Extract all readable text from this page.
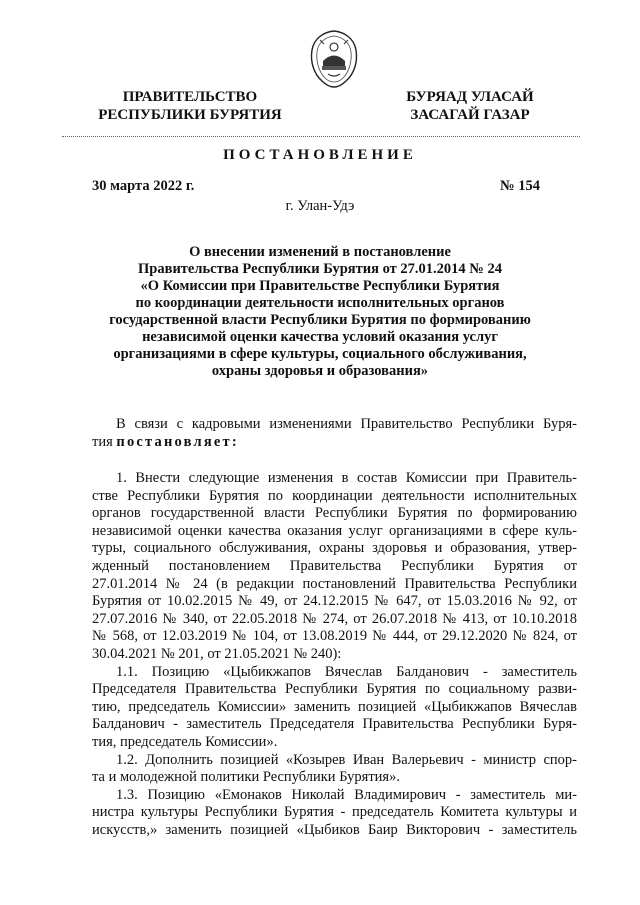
ПРАВИТЕЛЬСТВО
РЕСПУБЛИКИ БУРЯТИЯ
БУРЯАД УЛАСАЙ
ЗАСАГАЙ ГАЗАР
ПОСТАНОВЛЕНИЕ
30 марта 2022 г.	№ 154
г. Улан-Удэ
О внесении изменений в постановление
Правительства Республики Бурятия от 27.01.2014 № 24
«О Комиссии при Правительстве Республики Бурятия
по координации деятельности исполнительных органов
государственной власти Республики Бурятия по формированию
независимой оценки качества условий оказания услуг
организациями в сфере культуры, социального обслуживания,
охраны здоровья и образования»
В связи с кадровыми изменениями Правительство Республики Буря-
тия постановляет:
1. Внести следующие изменения в состав Комиссии при Правитель-
стве Республики Бурятия по координации деятельности исполнительных
органов государственной власти Республики Бурятия по формированию
независимой оценки качества оказания услуг организациями в сфере куль-
туры, социального обслуживания, охраны здоровья и образования, утвер-
жденный постановлением Правительства Республики Бурятия от
27.01.2014 № 24 (в редакции постановлений Правительства Республики
Бурятия от 10.02.2015 № 49, от 24.12.2015 № 647, от 15.03.2016 № 92, от
27.07.2016 № 340, от 22.05.2018 № 274, от 26.07.2018 № 413, от 10.10.2018
№ 568, от 12.03.2019 № 104, от 13.08.2019 № 444, от 29.12.2020 № 824, от
30.04.2021 № 201, от 21.05.2021 № 240):
1.1. Позицию «Цыбикжапов Вячеслав Балданович - заместитель
Председателя Правительства Республики Бурятия по социальному разви-
тию, председатель Комиссии» заменить позицией «Цыбикжапов Вячеслав
Балданович - заместитель Председателя Правительства Республики Буря-
тия, председатель Комиссии».
1.2. Дополнить позицией «Козырев Иван Валерьевич - министр спор-
та и молодежной политики Республики Бурятия».
1.3. Позицию «Емонаков Николай Владимирович - заместитель ми-
нистра культуры Республики Бурятия - председатель Комитета культуры и
искусств,» заменить позицией «Цыбиков Баир Викторович - заместитель
